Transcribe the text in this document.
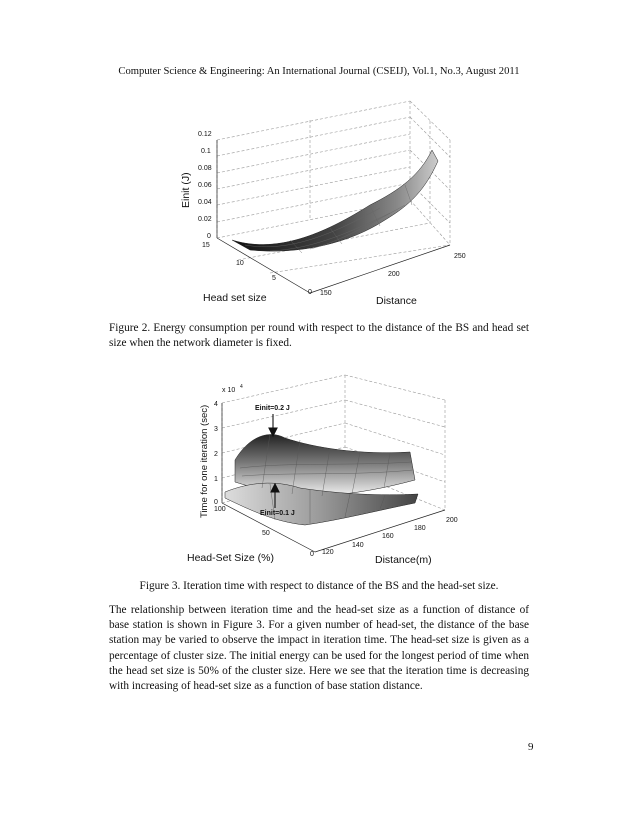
Computer Science & Engineering: An International Journal (CSEIJ), Vol.1, No.3, August 2011
0.12
0.1
0.08
0.06
0.04
0.02
0
15
10
5
0 150
200
250
Einit (J)
Head set size	Distance
Figure 2. Energy consumption per round with respect to the distance of the BS and head set size when the network diameter is fixed.
x 10 4
4
3
2
1
0
100
50
0 120
140
160
180
200
Einit=0.2 J
Einit=0.1 J
Time for one iteration (sec)
Head-Set Size (%)	Distance(m)
Figure 3. Iteration time with respect to distance of the BS and the head-set size.
The relationship between iteration time and the head-set size as a function of distance of base station is shown in Figure 3. For a given number of head-set, the distance of the base station may be varied to observe the impact in iteration time. The head-set size is given as a percentage of cluster size. The initial energy can be used for the longest period of time when the head set size is 50% of the cluster size. Here we see that the iteration time is decreasing with increasing of head-set size as a function of base station distance.
9
